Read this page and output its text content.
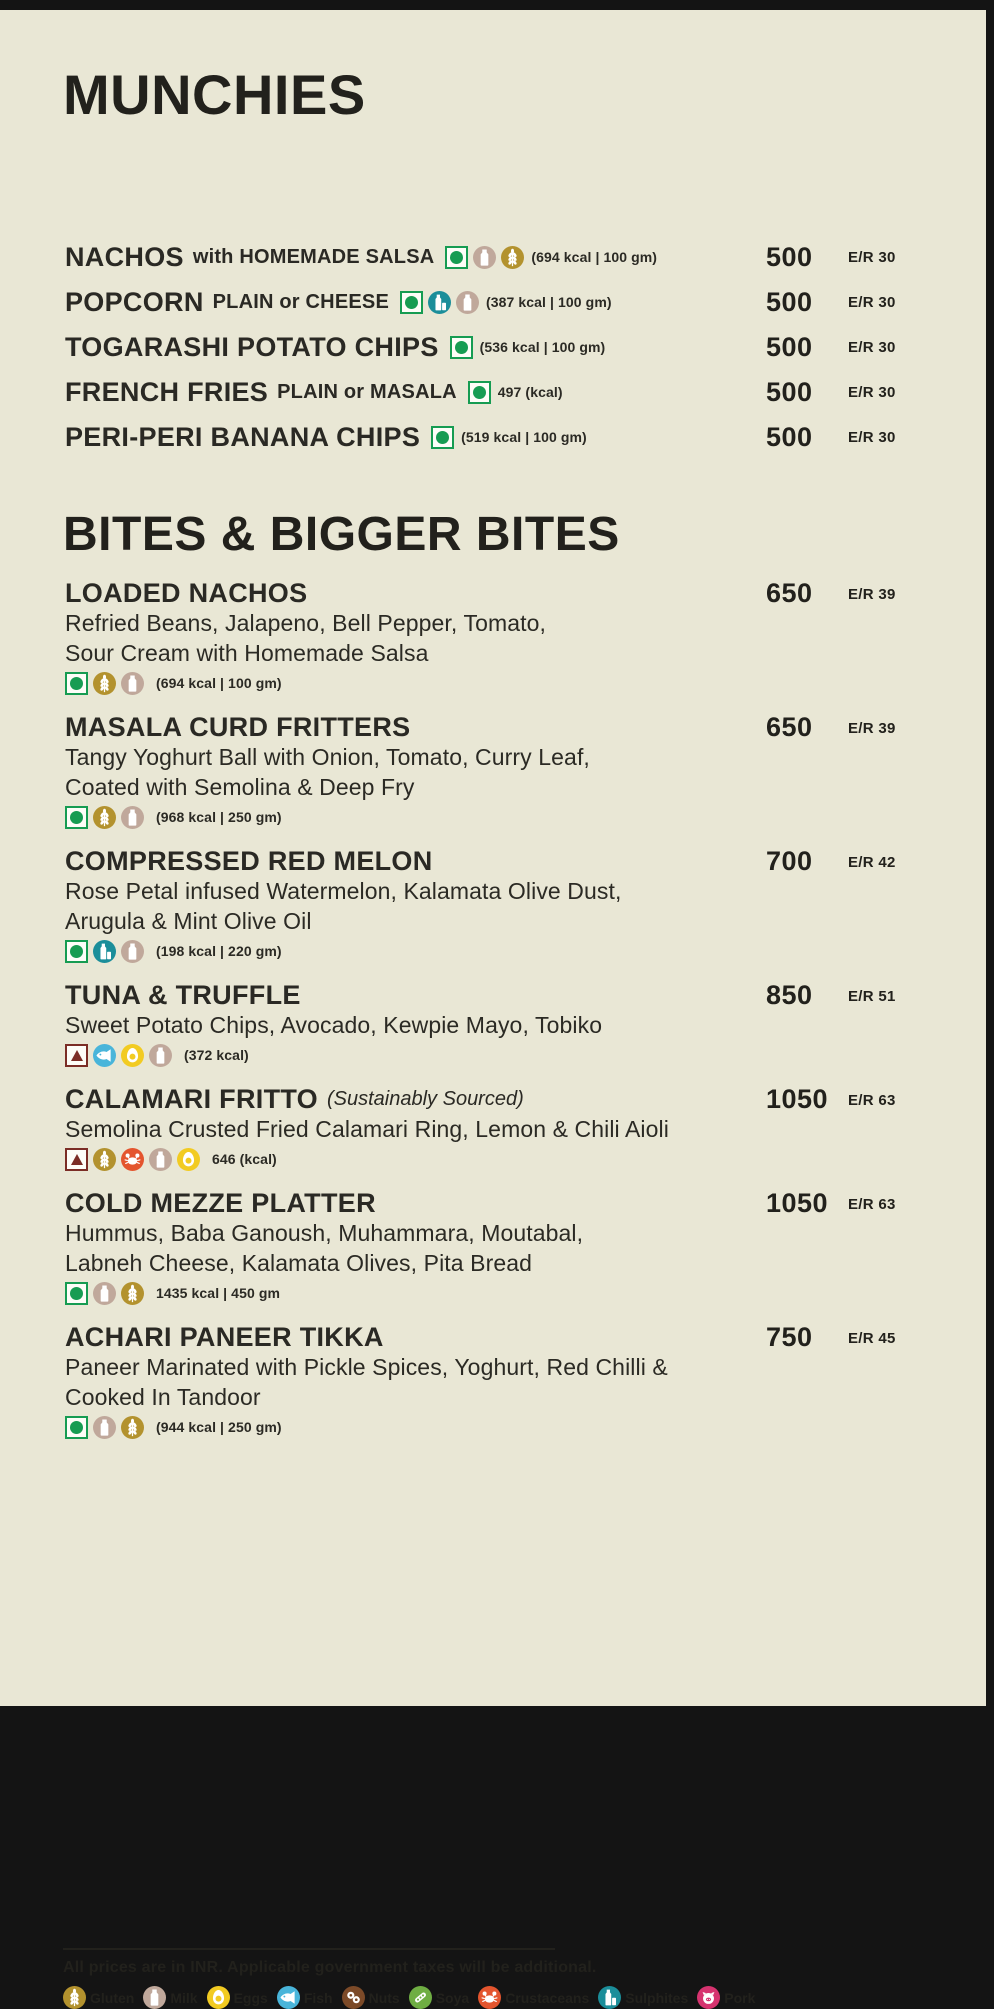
MUNCHIES
NACHOS with HOMEMADE SALSA	(694 kcal | 100 gm)	500	E/R 30
POPCORN PLAIN or CHEESE	(387 kcal | 100 gm)	500	E/R 30
TOGARASHI POTATO CHIPS	(536 kcal | 100 gm)	500	E/R 30
FRENCH FRIES PLAIN or MASALA	497 (kcal)	500	E/R 30
PERI-PERI BANANA CHIPS	(519 kcal | 100 gm)	500	E/R 30
BITES & BIGGER BITES
LOADED NACHOS
Refried Beans, Jalapeno, Bell Pepper, Tomato,
Sour Cream with Homemade Salsa
(694 kcal | 100 gm)
650	E/R 39
MASALA CURD FRITTERS
Tangy Yoghurt Ball with Onion, Tomato, Curry Leaf,
Coated with Semolina & Deep Fry
(968 kcal | 250 gm)
650	E/R 39
COMPRESSED RED MELON
Rose Petal infused Watermelon, Kalamata Olive Dust,
Arugula & Mint Olive Oil
(198 kcal | 220 gm)
700	E/R 42
TUNA & TRUFFLE
Sweet Potato Chips, Avocado, Kewpie Mayo, Tobiko
(372 kcal)
850	E/R 51
CALAMARI FRITTO (Sustainably Sourced)
Semolina Crusted Fried Calamari Ring, Lemon & Chili Aioli
646 (kcal)
1050	E/R 63
COLD MEZZE PLATTER
Hummus, Baba Ganoush, Muhammara, Moutabal,
Labneh Cheese, Kalamata Olives, Pita Bread
1435 kcal | 450 gm
1050	E/R 63
ACHARI PANEER TIKKA
Paneer Marinated with Pickle Spices, Yoghurt, Red Chilli &
Cooked In Tandoor
(944 kcal | 250 gm)
750	E/R 45
All prices are in INR. Applicable government taxes will be additional.
Gluten	Milk	Eggs	Fish	Nuts	Soya	Crustaceans	Sulphites	Pork
